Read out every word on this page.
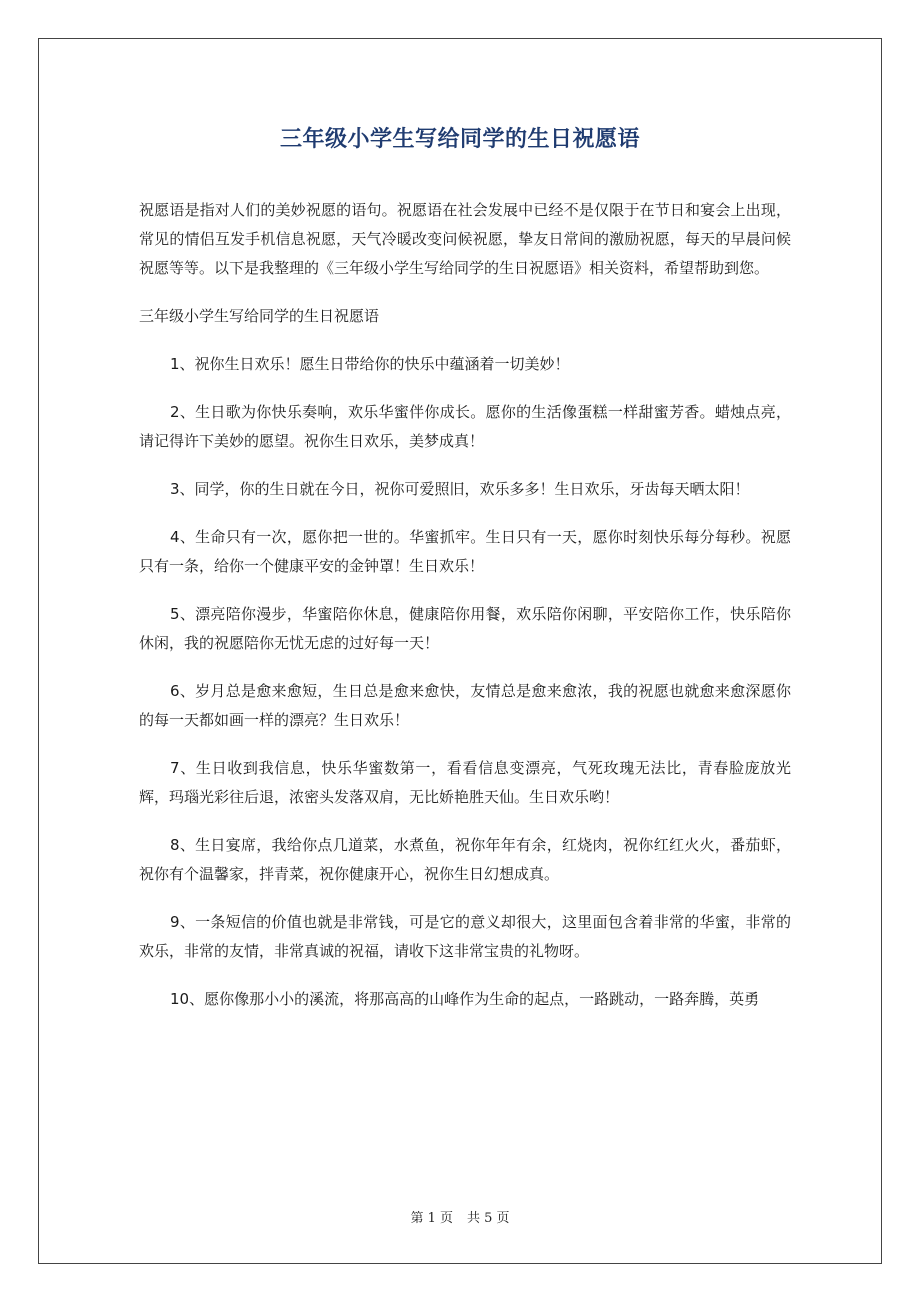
三年级小学生写给同学的生日祝愿语

祝愿语是指对人们的美妙祝愿的语句。祝愿语在社会发展中已经不是仅限于在节日和宴会上出现，常见的情侣互发手机信息祝愿，天气冷暖改变问候祝愿，挚友日常间的激励祝愿，每天的早晨问候祝愿等等。以下是我整理的《三年级小学生写给同学的生日祝愿语》相关资料，希望帮助到您。

三年级小学生写给同学的生日祝愿语

1、祝你生日欢乐！愿生日带给你的快乐中蕴涵着一切美妙！

2、生日歌为你快乐奏响，欢乐华蜜伴你成长。愿你的生活像蛋糕一样甜蜜芳香。蜡烛点亮，请记得许下美妙的愿望。祝你生日欢乐，美梦成真！

3、同学，你的生日就在今日，祝你可爱照旧，欢乐多多！生日欢乐，牙齿每天晒太阳！

4、生命只有一次，愿你把一世的。华蜜抓牢。生日只有一天，愿你时刻快乐每分每秒。祝愿只有一条，给你一个健康平安的金钟罩！生日欢乐！

5、漂亮陪你漫步，华蜜陪你休息，健康陪你用餐，欢乐陪你闲聊，平安陪你工作，快乐陪你休闲，我的祝愿陪你无忧无虑的过好每一天！

6、岁月总是愈来愈短，生日总是愈来愈快，友情总是愈来愈浓，我的祝愿也就愈来愈深愿你的每一天都如画一样的漂亮？生日欢乐！

7、生日收到我信息，快乐华蜜数第一，看看信息变漂亮，气死玫瑰无法比，青春脸庞放光辉，玛瑙光彩往后退，浓密头发落双肩，无比娇艳胜天仙。生日欢乐哟！

8、生日宴席，我给你点几道菜，水煮鱼，祝你年年有余，红烧肉，祝你红红火火，番茄虾，祝你有个温馨家，拌青菜，祝你健康开心，祝你生日幻想成真。

9、一条短信的价值也就是非常钱，可是它的意义却很大，这里面包含着非常的华蜜，非常的欢乐，非常的友情，非常真诚的祝福，请收下这非常宝贵的礼物呀。

10、愿你像那小小的溪流，将那高高的山峰作为生命的起点，一路跳动，一路奔腾，英勇

第 1 页 共 5 页
